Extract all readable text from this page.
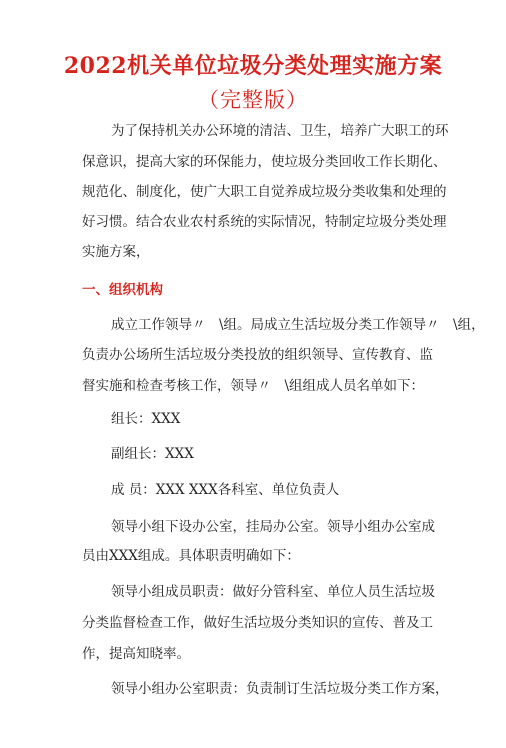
2022机关单位垃圾分类处理实施方案
（完整版）
为了保持机关办公环境的清洁、卫生，培养广大职工的环
保意识，提高大家的环保能力，使垃圾分类回收工作长期化、
规范化、制度化，使广大职工自觉养成垃圾分类收集和处理的
好习惯。结合农业农村系统的实际情况，特制定垃圾分类处理
实施方案，
一、组织机构
成立工作领导〃　\组。局成立生活垃圾分类工作领导〃　\组，
负责办公场所生活垃圾分类投放的组织领导、宣传教育、监
督实施和检查考核工作，领导〃　\组组成人员名单如下：
组长：XXX
副组长：XXX
成 员：XXX XXX各科室、单位负责人
领导小组下设办公室，挂局办公室。领导小组办公室成
员由XXX组成。具体职责明确如下：
领导小组成员职责：做好分管科室、单位人员生活垃圾
分类监督检查工作，做好生活垃圾分类知识的宣传、普及工
作，提高知晓率。
领导小组办公室职责：负责制订生活垃圾分类工作方案，
